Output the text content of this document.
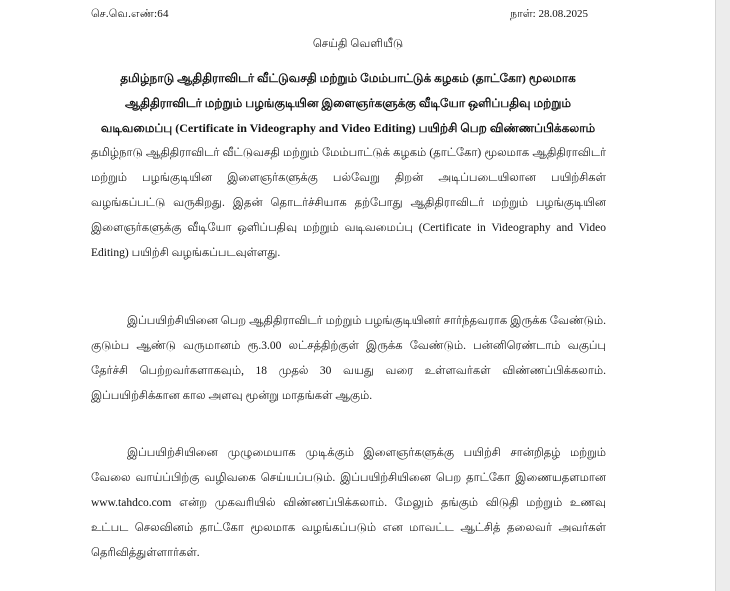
செ.வெ.எண்:64	நாள்: 28.08.2025
செய்தி வெளியீடு
தமிழ்நாடு ஆதிதிராவிடர் வீட்டுவசதி மற்றும் மேம்பாட்டுக் கழகம் (தாட்கோ) மூலமாக ஆதிதிராவிடர் மற்றும் பழங்குடியின இளைஞர்களுக்கு வீடியோ ஒளிப்பதிவு மற்றும் வடிவமைப்பு (Certificate in Videography and Video Editing) பயிற்சி பெற விண்ணப்பிக்கலாம்
தமிழ்நாடு ஆதிதிராவிடர் வீட்டுவசதி மற்றும் மேம்பாட்டுக் கழகம் (தாட்கோ) மூலமாக ஆதிதிராவிடர் மற்றும் பழங்குடியின இளைஞர்களுக்கு பல்வேறு திறன் அடிப்படையிலான பயிற்சிகள் வழங்கப்பட்டு வருகிறது. இதன் தொடர்ச்சியாக தற்போது ஆதிதிராவிடர் மற்றும் பழங்குடியின இளைஞர்களுக்கு வீடியோ ஒளிப்பதிவு மற்றும் வடிவமைப்பு (Certificate in Videography and Video Editing) பயிற்சி வழங்கப்படவுள்ளது.
இப்பயிற்சியினை பெற ஆதிதிராவிடர் மற்றும் பழங்குடியினர் சார்ந்தவராக இருக்க வேண்டும். குடும்ப ஆண்டு வருமானம் ரூ.3.00 லட்சத்திற்குள் இருக்க வேண்டும். பன்னிரெண்டாம் வகுப்பு தேர்ச்சி பெற்றவர்களாகவும், 18 முதல் 30 வயது வரை உள்ளவர்கள் விண்ணப்பிக்கலாம். இப்பயிற்சிக்கான கால அளவு மூன்று மாதங்கள் ஆகும்.
இப்பயிற்சியினை முழுமையாக முடிக்கும் இளைஞர்களுக்கு பயிற்சி சான்றிதழ் மற்றும் வேலை வாய்ப்பிற்கு வழிவகை செய்யப்படும். இப்பயிற்சியினை பெற தாட்கோ இணையதளமான www.tahdco.com என்ற முகவரியில் விண்ணப்பிக்கலாம். மேலும் தங்கும் விடுதி மற்றும் உணவு உட்பட செலவினம் தாட்கோ மூலமாக வழங்கப்படும் என மாவட்ட ஆட்சித் தலைவர் அவர்கள் தெரிவித்துள்ளார்கள்.
